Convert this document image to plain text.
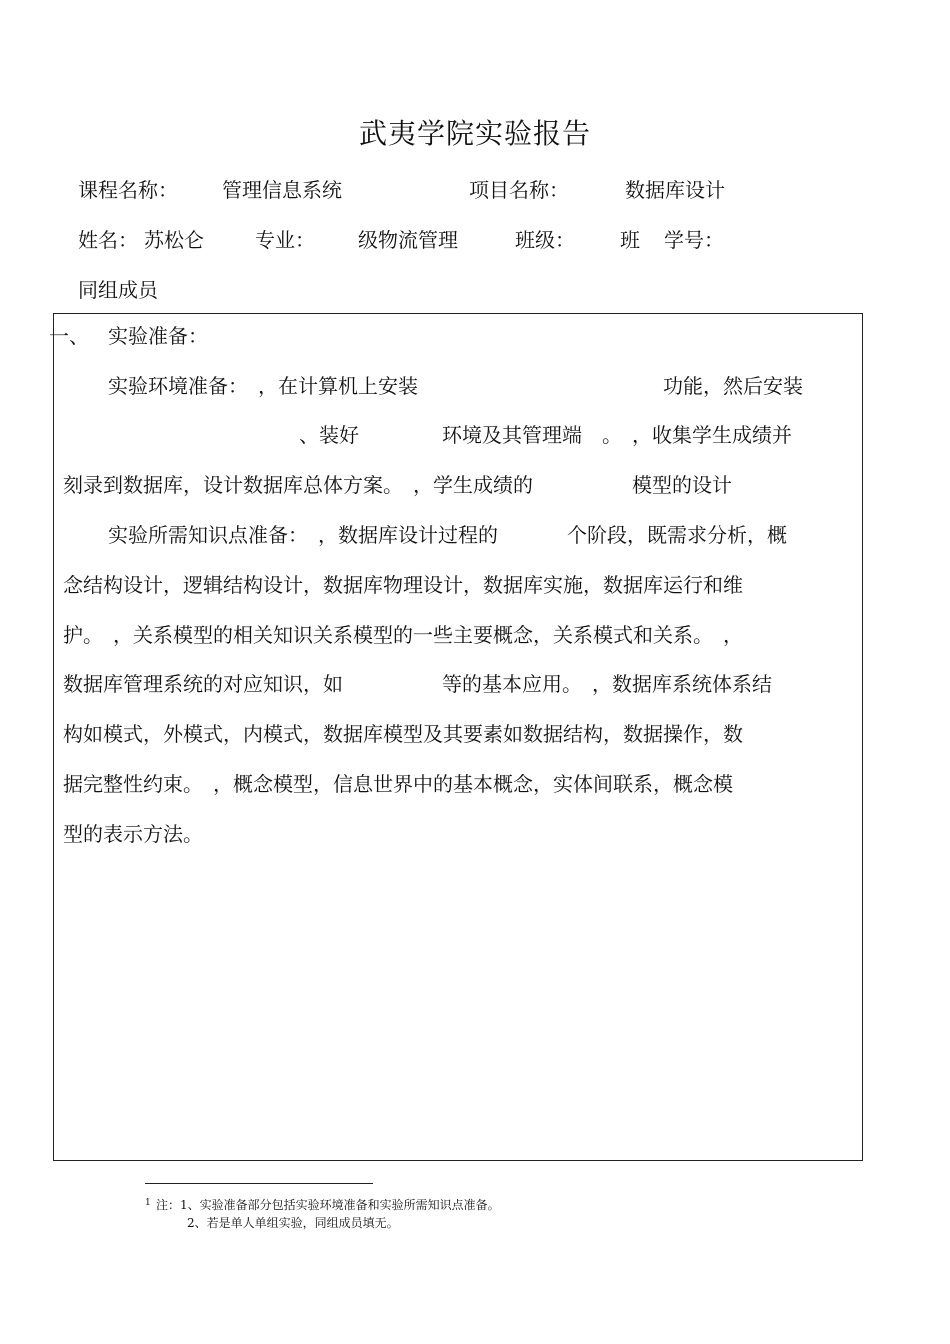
武夷学院实验报告
课程名称： 管理信息系统	项目名称：	数据库设计
姓名： 苏松仑	专业： 级物流管理	班级： 班 学号：
同组成员
一、 实验准备：
实验环境准备：　，在计算机上安装	功能，然后安装
、装好	环境及其管理端　。　，收集学生成绩并
刻录到数据库，设计数据库总体方案。　，学生成绩的	模型的设计
实验所需知识点准备：　，数据库设计过程的	个阶段，既需求分析，概
念结构设计，逻辑结构设计，数据库物理设计，数据库实施，数据库运行和维
护。　，关系模型的相关知识关系模型的一些主要概念，关系模式和关系。　，
数据库管理系统的对应知识，如	等的基本应用。　，数据库系统体系结
构如模式，外模式，内模式，数据库模型及其要素如数据结构，数据操作，数
据完整性约束。　，概念模型，信息世界中的基本概念，实体间联系，概念模
型的表示方法。
1 注：1、实验准备部分包括实验环境准备和实验所需知识点准备。
2、若是单人单组实验，同组成员填无。
